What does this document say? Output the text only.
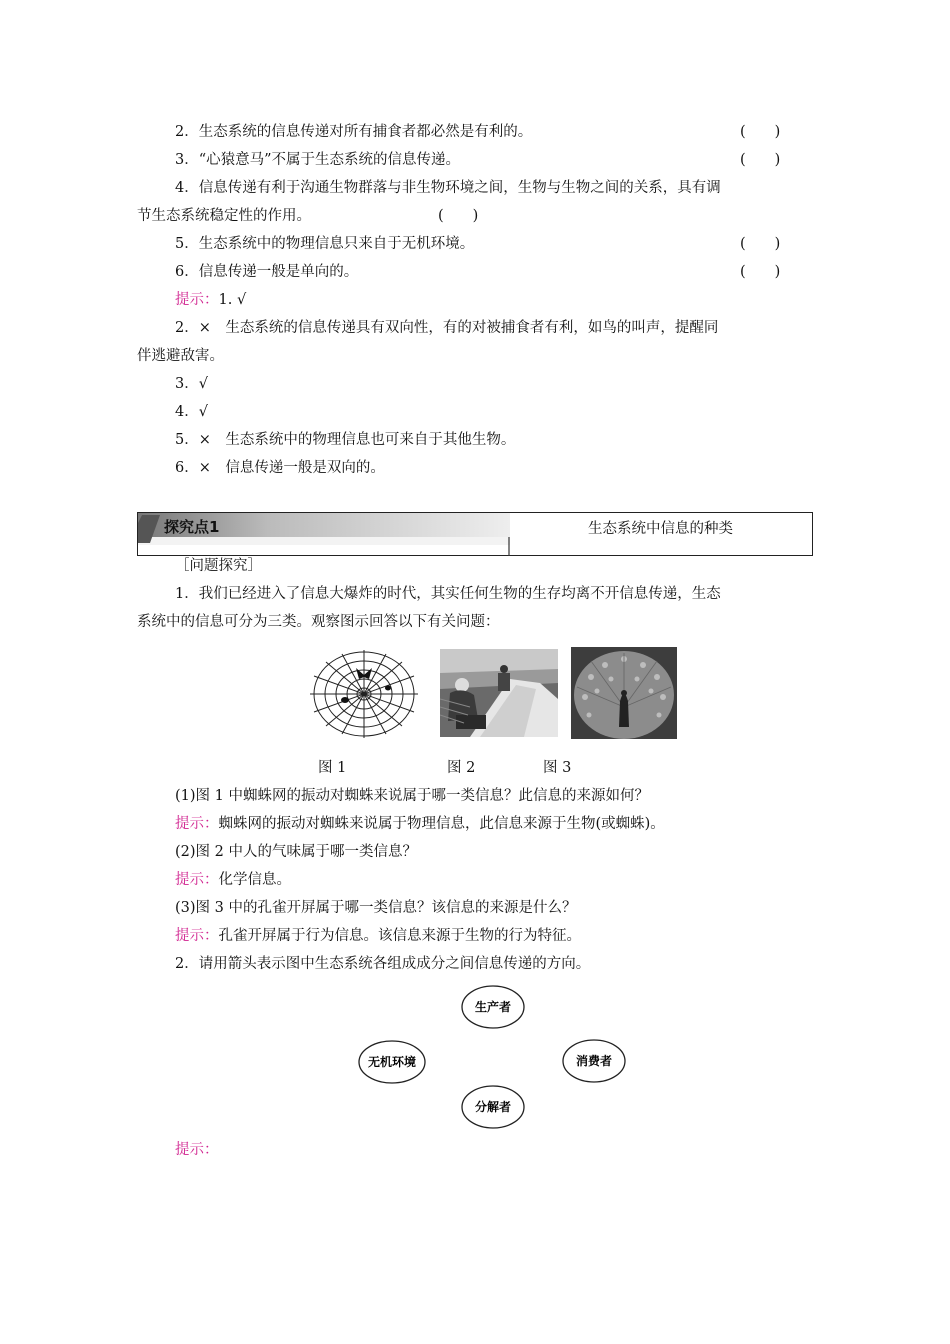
2．生态系统的信息传递对所有捕食者都必然是有利的。	(　　)
3．“心猿意马”不属于生态系统的信息传递。	(　　)
4．信息传递有利于沟通生物群落与非生物环境之间，生物与生物之间的关系，具有调
节生态系统稳定性的作用。	(　　)
5．生态系统中的物理信息只来自于无机环境。	(　　)
6．信息传递一般是单向的。	(　　)
提示：1. √
2．×　生态系统的信息传递具有双向性，有的对被捕食者有利，如鸟的叫声，提醒同
伴逃避敌害。
3．√
4．√
5．×　生态系统中的物理信息也可来自于其他生物。
6．×　信息传递一般是双向的。
探究点1	生态系统中信息的种类
［问题探究］
1．我们已经进入了信息大爆炸的时代，其实任何生物的生存均离不开信息传递，生态
系统中的信息可分为三类。观察图示回答以下有关问题：
图 1	图 2	图 3
(1)图 1 中蜘蛛网的振动对蜘蛛来说属于哪一类信息？此信息的来源如何？
提示：蜘蛛网的振动对蜘蛛来说属于物理信息，此信息来源于生物(或蜘蛛)。
(2)图 2 中人的气味属于哪一类信息？
提示：化学信息。
(3)图 3 中的孔雀开屏属于哪一类信息？该信息的来源是什么？
提示：孔雀开屏属于行为信息。该信息来源于生物的行为特征。
2．请用箭头表示图中生态系统各组成成分之间信息传递的方向。
生产者
无机环境	消费者
分解者
提示：
